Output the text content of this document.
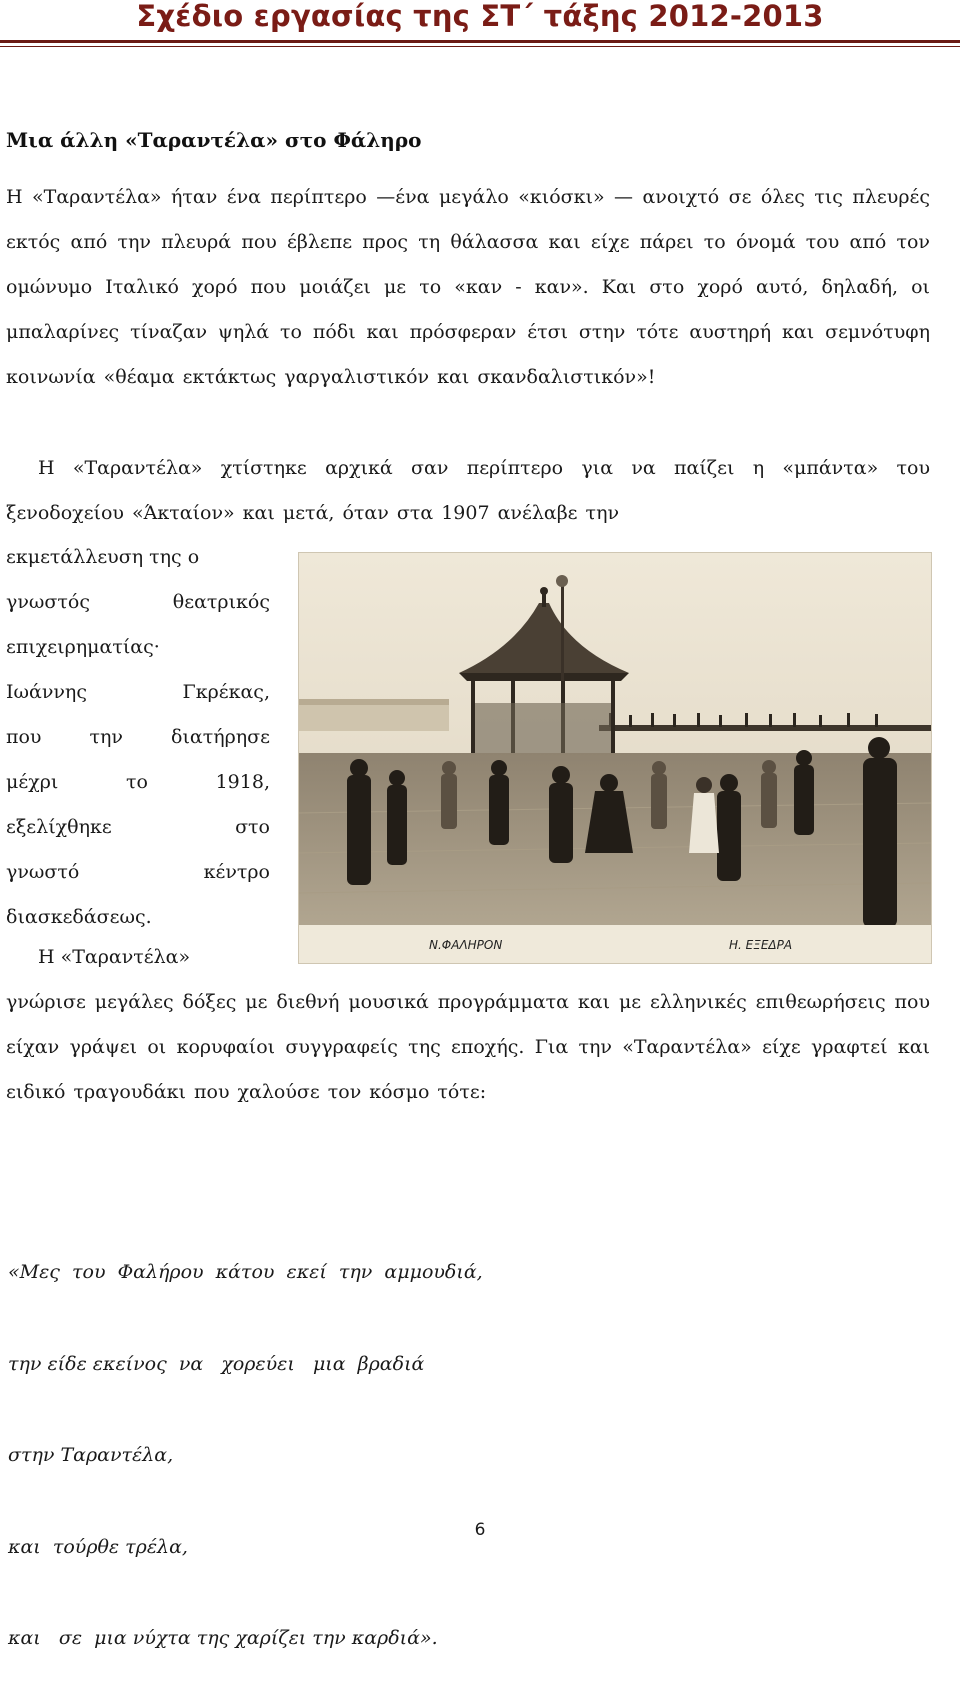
Σχέδιο εργασίας της ΣΤ΄ τάξης 2012-2013
Μια άλλη «Ταραντέλα» στο Φάληρο
Η «Ταραντέλα» ήταν ένα περίπτερο —ένα μεγάλο «κιόσκι» — ανοιχτό σε όλες τις πλευρές εκτός από την πλευρά που έβλεπε προς τη θάλασσα και είχε πάρει το όνομά του από τον ομώνυμο Ιταλικό χορό που μοιάζει με το «καν - καν». Και στο χορό αυτό, δηλαδή, οι μπαλαρίνες τίναζαν ψηλά το πόδι και πρόσφεραν έτσι στην τότε αυστηρή και σεμνότυφη κοινωνία «θέαμα εκτάκτως γαργαλιστικόν και σκανδαλιστικόν»!
Η «Ταραντέλα» χτίστηκε αρχικά σαν περίπτερο για να παίζει η «μπάντα» του ξενοδοχείου «Άκταίον» και μετά, όταν στα 1907 ανέλαβε την
εκμετάλλευση της ο
γνωστός	θεατρικός
επιχειρηματίας·
Ιωάννης	Γκρέκας,
που	την	διατήρησε
μέχρι	το	1918,
εξελίχθηκε	στο
γνωστό	κέντρο
διασκεδάσεως.
Ν.ΦΑΛΗΡΟΝ	Η. ΕΞΕΔΡΑ
Η «Ταραντέλα»
γνώρισε μεγάλες δόξες με διεθνή μουσικά προγράμματα και με ελληνικές επιθεωρήσεις που είχαν γράψει οι κορυφαίοι συγγραφείς της εποχής. Για την «Ταραντέλα» είχε γραφτεί και ειδικό τραγουδάκι που χαλούσε τον κόσμο τότε:

«Μες  του  Φαλήρου  κάτου  εκεί  την  αμμουδιά,

την είδε εκείνος  να   χορεύει   μια  βραδιά

στην Ταραντέλα,

και  τούρθε τρέλα,

και   σε  μια νύχτα της χαρίζει την καρδιά».

6
